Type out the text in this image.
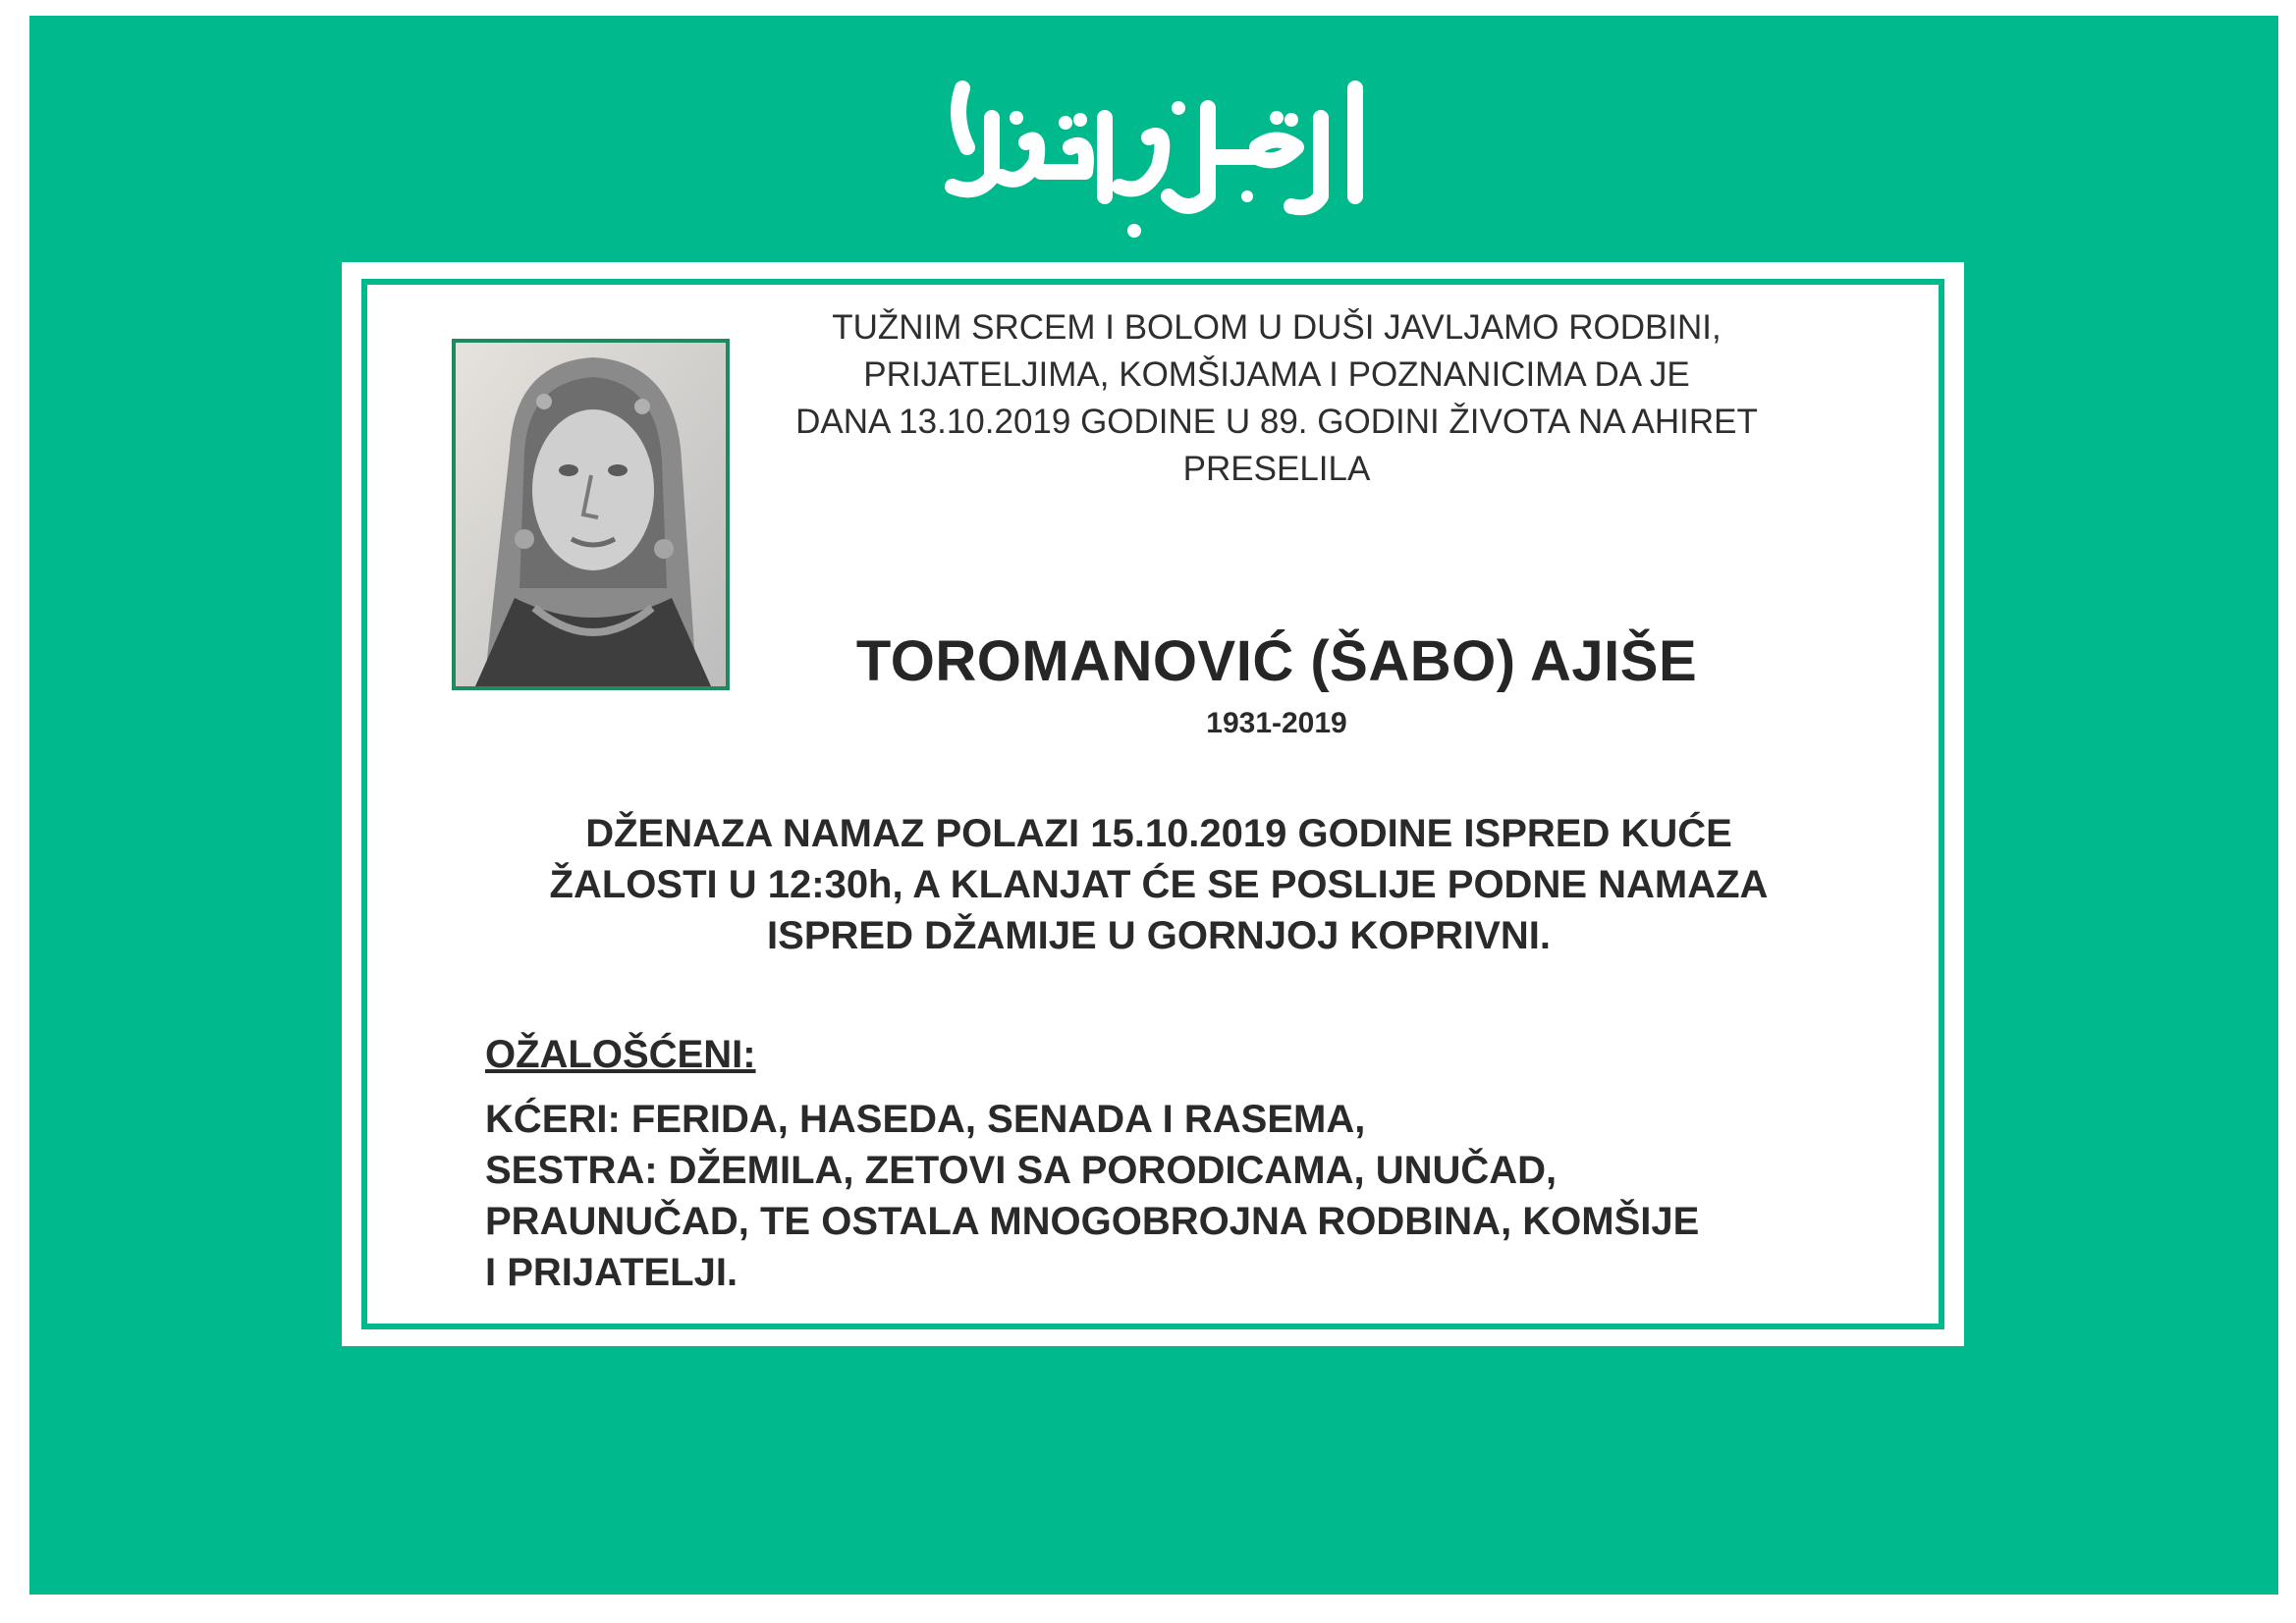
TUŽNIM SRCEM I BOLOM U DUŠI JAVLJAMO RODBINI,
PRIJATELJIMA, KOMŠIJAMA I POZNANICIMA DA JE
DANA 13.10.2019 GODINE U 89. GODINI ŽIVOTA NA AHIRET
PRESELILA

TOROMANOVIĆ (ŠABO) AJIŠE
1931-2019

DŽENAZA NAMAZ POLAZI 15.10.2019 GODINE ISPRED KUĆE
ŽALOSTI U 12:30h, A KLANJAT ĆE SE POSLIJE PODNE NAMAZA
ISPRED DŽAMIJE U GORNJOJ KOPRIVNI.

OŽALOŠĆENI:
KĆERI: FERIDA, HASEDA, SENADA I RASEMA,
SESTRA: DŽEMILA, ZETOVI SA PORODICAMA, UNUČAD,
PRAUNUČAD, TE OSTALA MNOGOBROJNA RODBINA, KOMŠIJE
I PRIJATELJI.
